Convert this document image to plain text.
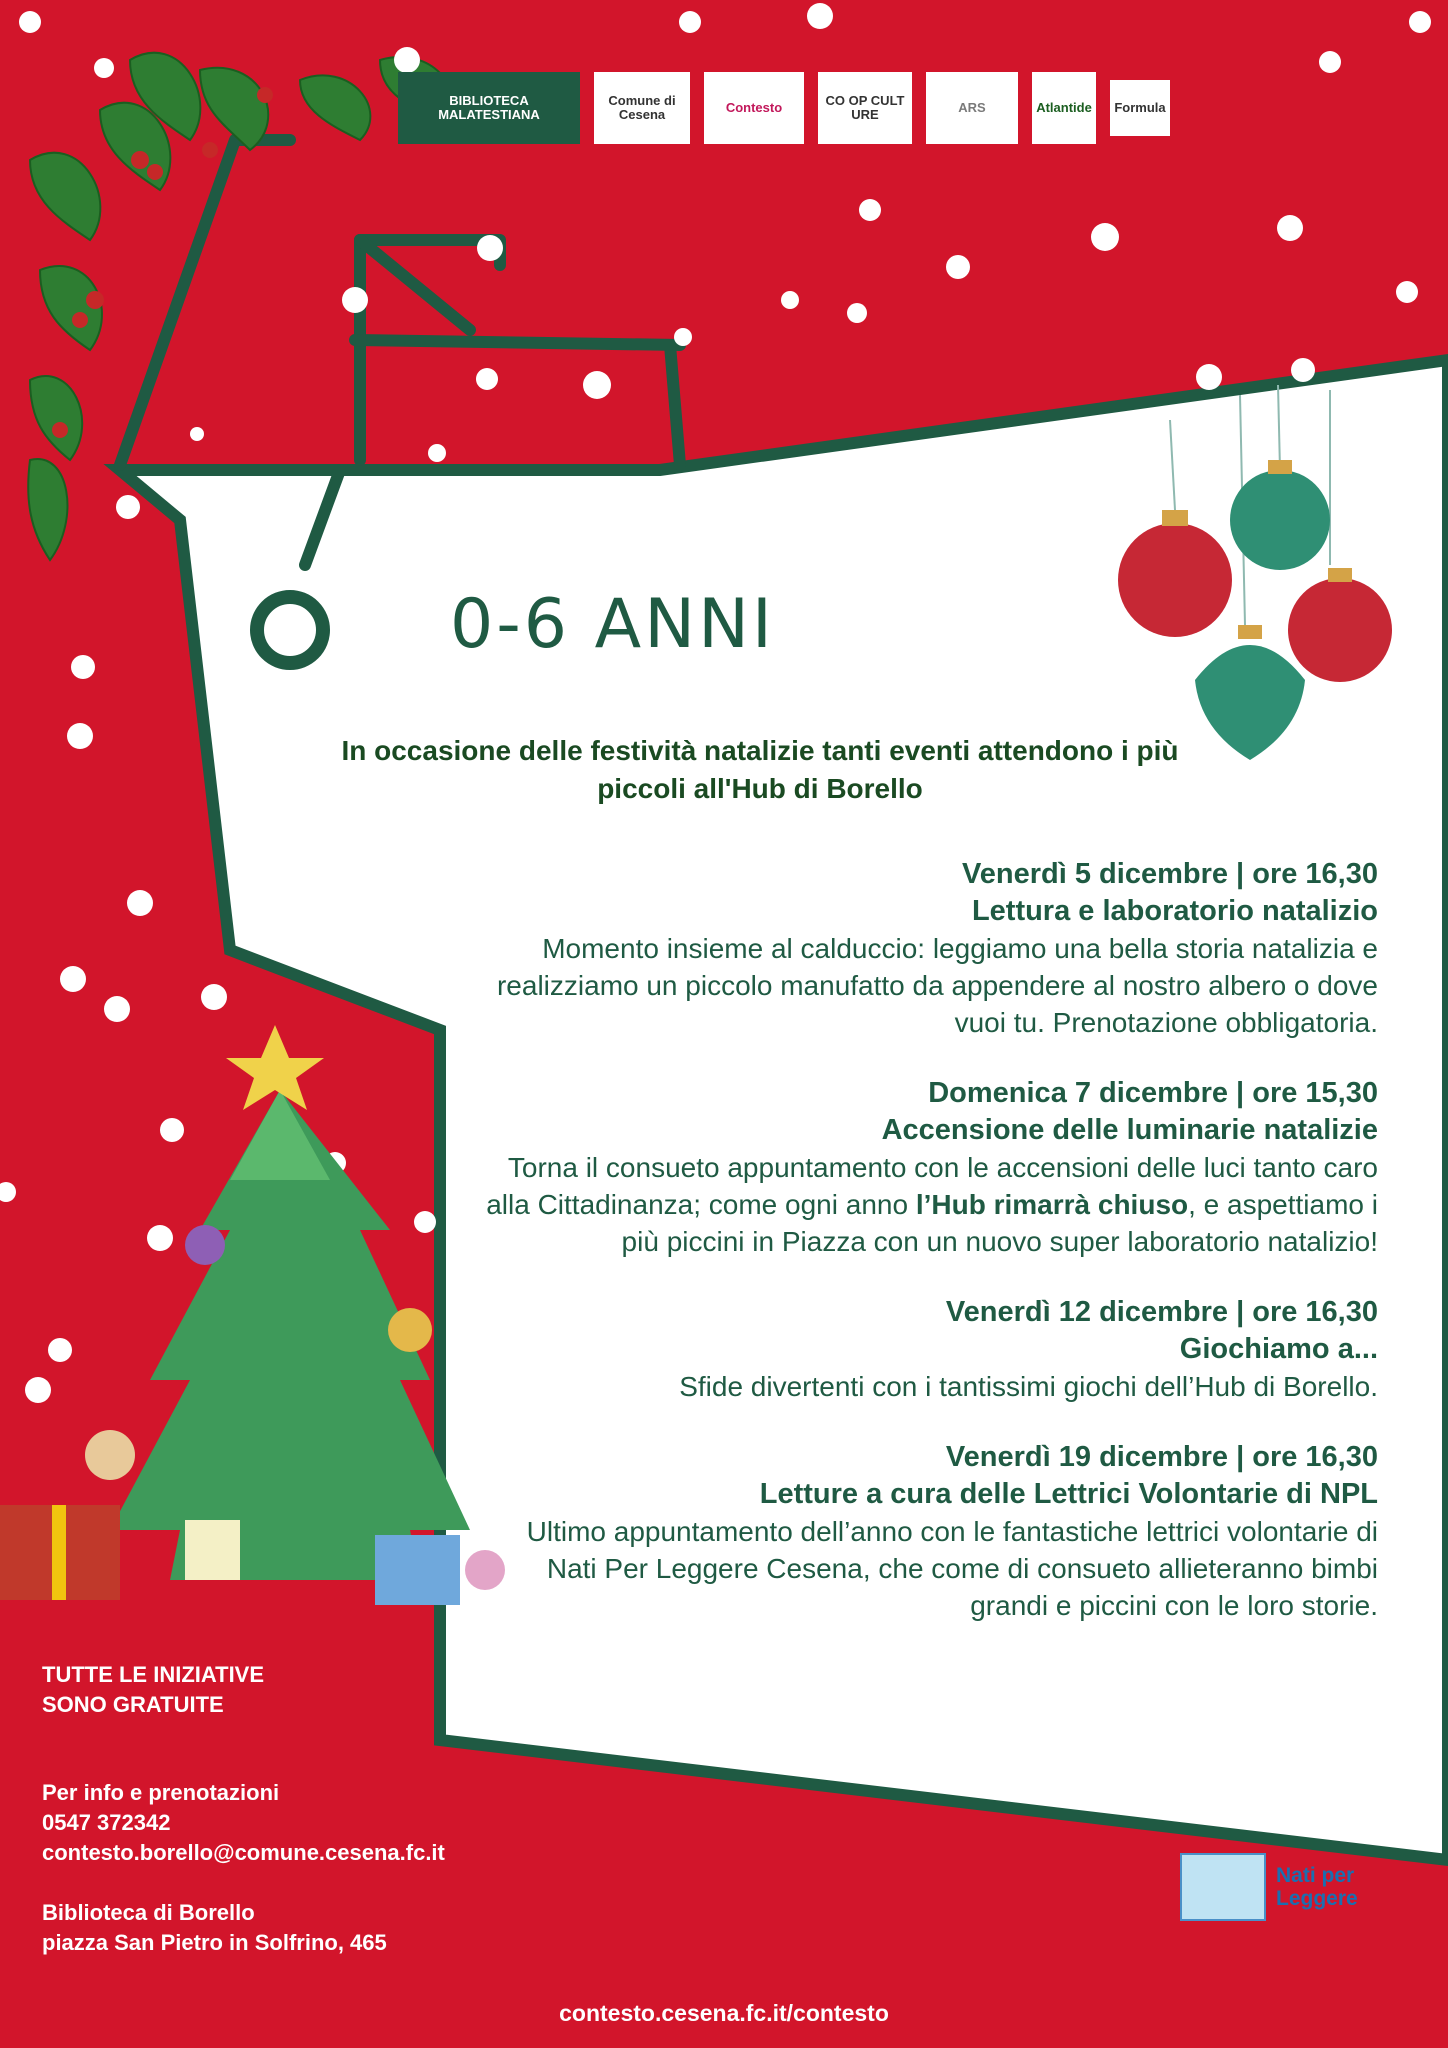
BIBLIOTECA MALATESTIANA
Comune di Cesena	Contesto	CO OP CULT URE	ARS	Atlantide Formula
0-6 ANNI

In occasione delle festività natalizie tanti eventi attendono i più piccoli all'Hub di Borello

Venerdì 5 dicembre | ore 16,30

Lettura e laboratorio natalizio

Momento insieme al calduccio: leggiamo una bella storia natalizia e realizziamo un piccolo manufatto da appendere al nostro albero o dove vuoi tu. Prenotazione obbligatoria.

Domenica 7 dicembre | ore 15,30

Accensione delle luminarie natalizie

Torna il consueto appuntamento con le accensioni delle luci tanto caro alla Cittadinanza; come ogni anno l’Hub rimarrà chiuso, e aspettiamo i più piccini in Piazza con un nuovo super laboratorio natalizio!

Venerdì 12 dicembre | ore 16,30

Giochiamo a...

Sfide divertenti con i tantissimi giochi dell’Hub di Borello.

Venerdì 19 dicembre | ore 16,30

Letture a cura delle Lettrici Volontarie di NPL

Ultimo appuntamento dell’anno con le fantastiche lettrici volontarie di Nati Per Leggere Cesena, che come di consueto allieteranno bimbi grandi e piccini con le loro storie.

TUTTE LE INIZIATIVE
SONO GRATUITE
Per info e prenotazioni
0547 372342
contesto.borello@comune.cesena.fc.it
Biblioteca di Borello
piazza San Pietro in Solfrino, 465
Nati per
Leggere
contesto.cesena.fc.it/contesto
